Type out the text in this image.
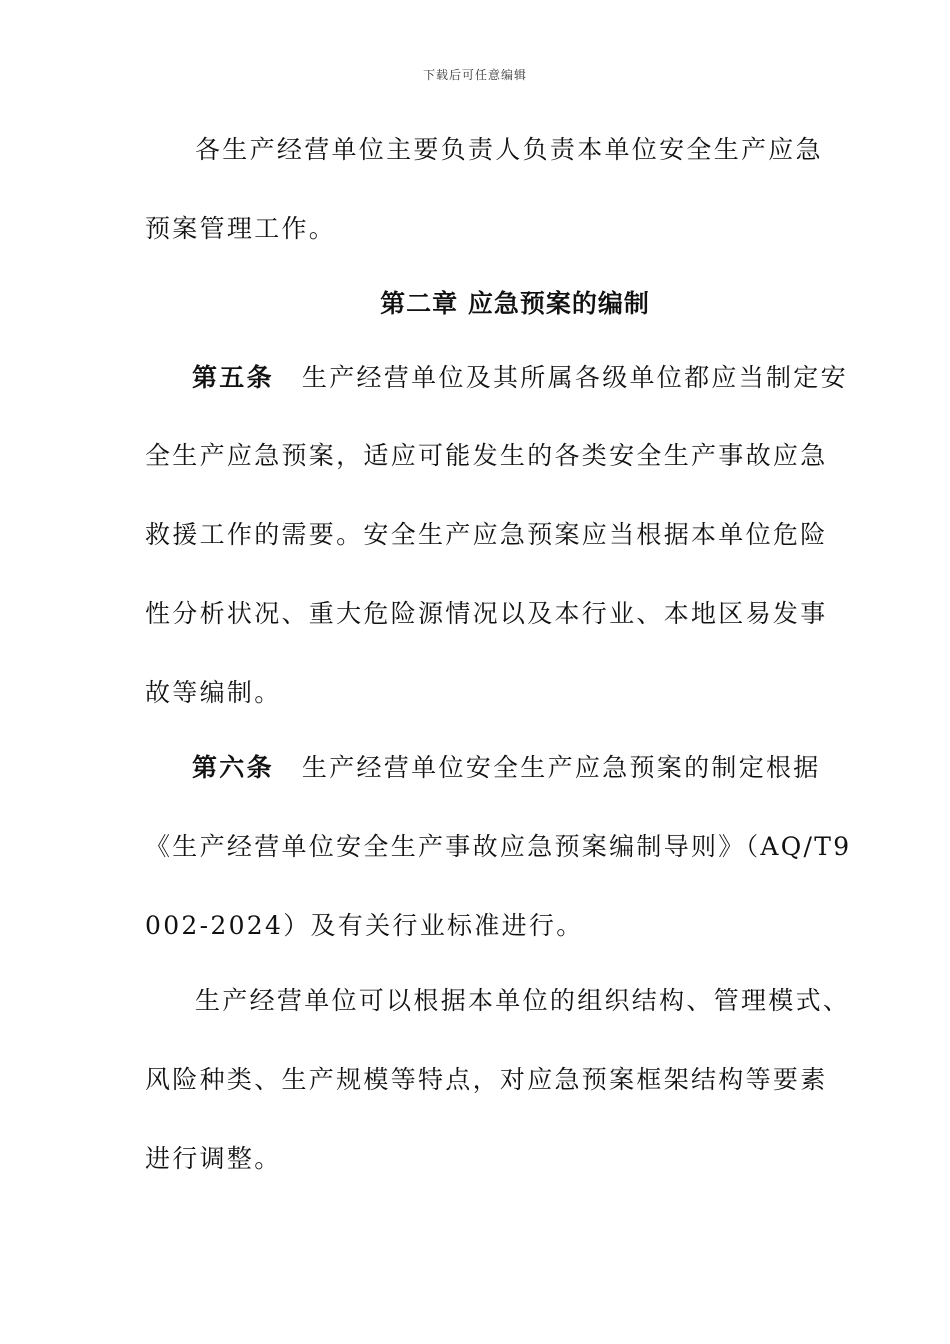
下载后可任意编辑
各生产经营单位主要负责人负责本单位安全生产应急
预案管理工作。
第二章 应急预案的编制
第五条 生产经营单位及其所属各级单位都应当制定安
全生产应急预案，适应可能发生的各类安全生产事故应急
救援工作的需要。安全生产应急预案应当根据本单位危险
性分析状况、重大危险源情况以及本行业、本地区易发事
故等编制。
第六条 生产经营单位安全生产应急预案的制定根据
《生产经营单位安全生产事故应急预案编制导则》（AQ/T9
002-2024）及有关行业标准进行。
生产经营单位可以根据本单位的组织结构、管理模式、
风险种类、生产规模等特点，对应急预案框架结构等要素
进行调整。
